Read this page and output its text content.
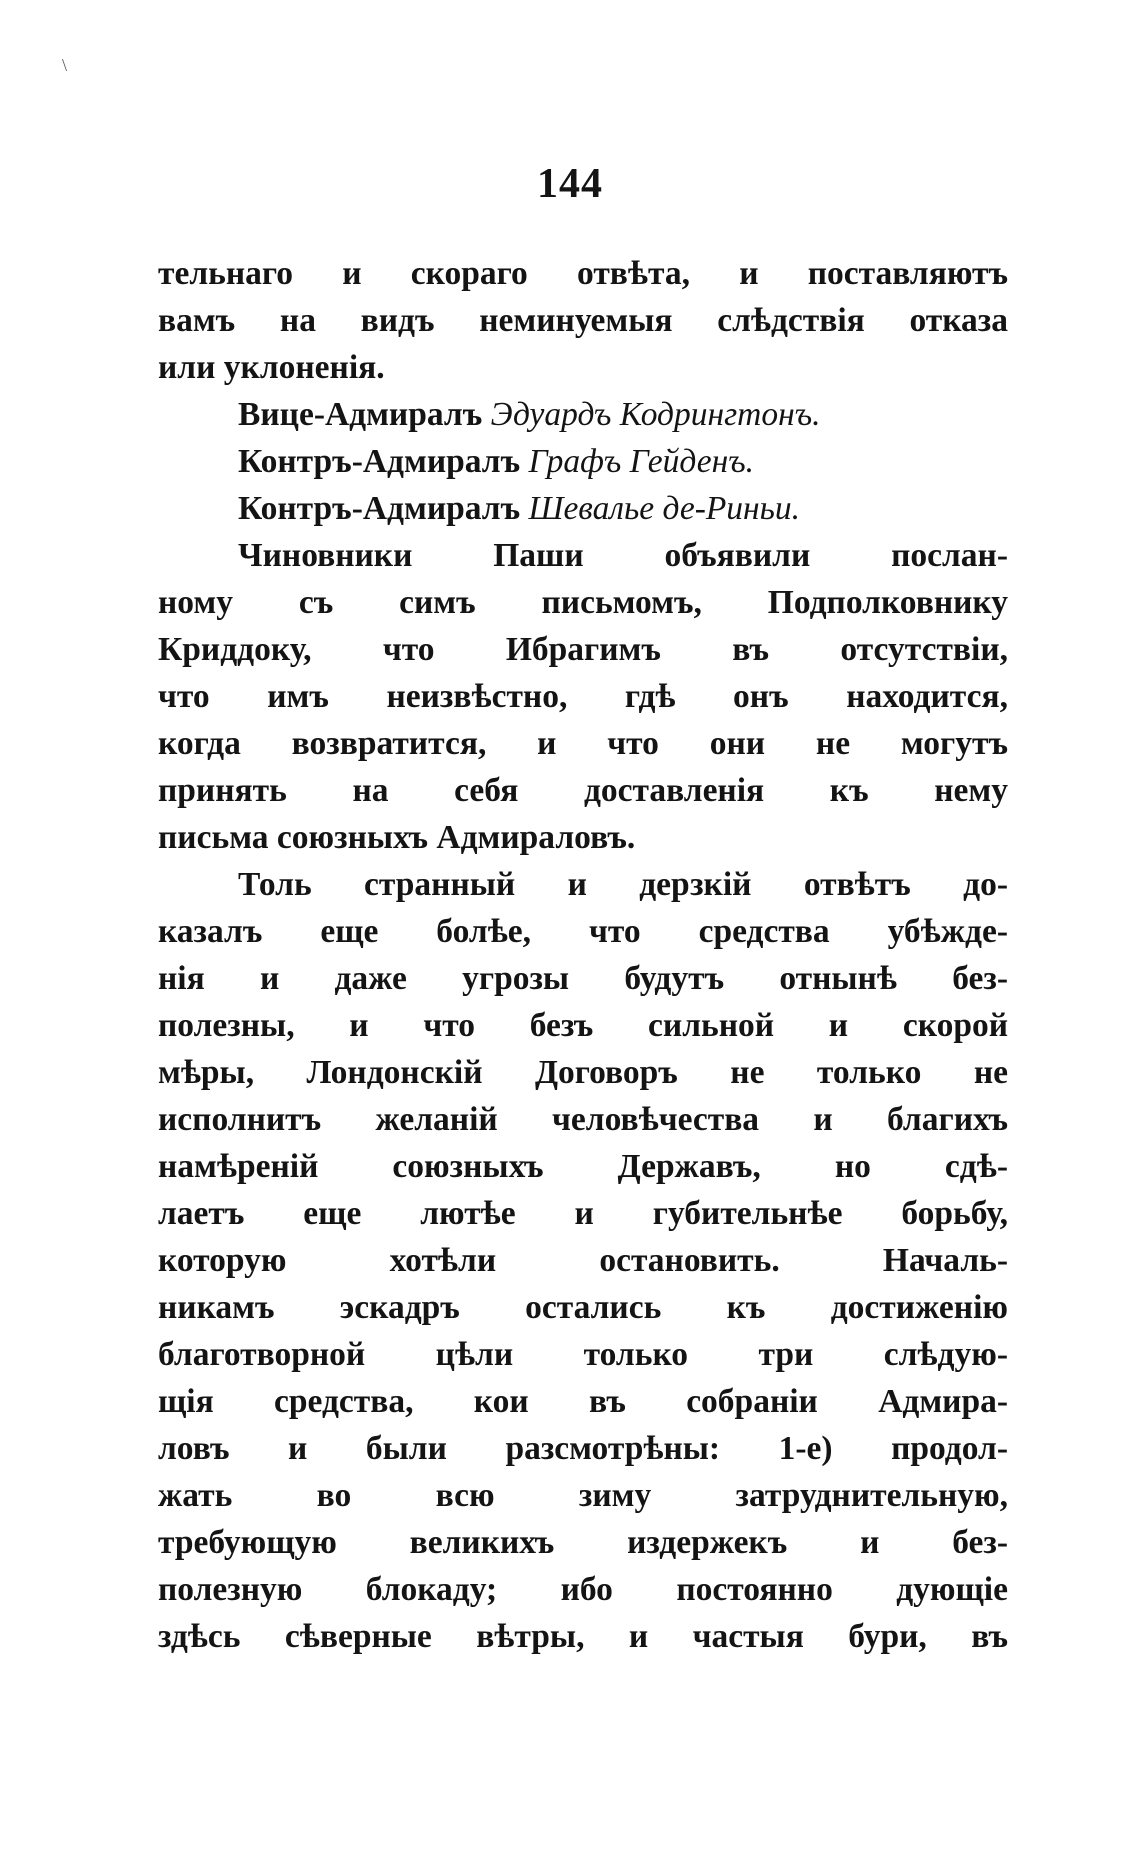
\
144
тельнаго и скораго отвѣта, и поставляютъ
вамъ на видъ неминуемыя слѣдствія отказа
или уклоненія.
Вице-Адмиралъ Эдуардъ Кодрингтонъ.
Контръ-Адмиралъ Графъ Гейденъ.
Контръ-Адмиралъ Шевалье де-Риньи.
Чиновники Паши объявили послан-
ному съ симъ письмомъ, Подполковнику
Криддоку, что Ибрагимъ въ отсутствіи,
что имъ неизвѣстно, гдѣ онъ находится,
когда возвратится, и что они не могутъ
принять на себя доставленія къ нему
письма союзныхъ Адмираловъ.
Толь странный и дерзкій отвѣтъ до-
казалъ еще болѣе, что средства убѣжде-
нія и даже угрозы будутъ отнынѣ без-
полезны, и что безъ сильной и скорой
мѣры, Лондонскій Договоръ не только не
исполнитъ желаній человѣчества и благихъ
намѣреній союзныхъ Державъ, но сдѣ-
лаетъ еще лютѣе и губительнѣе борьбу,
которую хотѣли остановить. Началь-
никамъ эскадръ остались къ достиженію
благотворной цѣли только три слѣдую-
щія средства, кои въ собраніи Адмира-
ловъ и были разсмотрѣны: 1-е) продол-
жать во всю зиму затруднительную,
требующую великихъ издержекъ и без-
полезную блокаду; ибо постоянно дующіе
здѣсь сѣверные вѣтры, и частыя бури, въ
